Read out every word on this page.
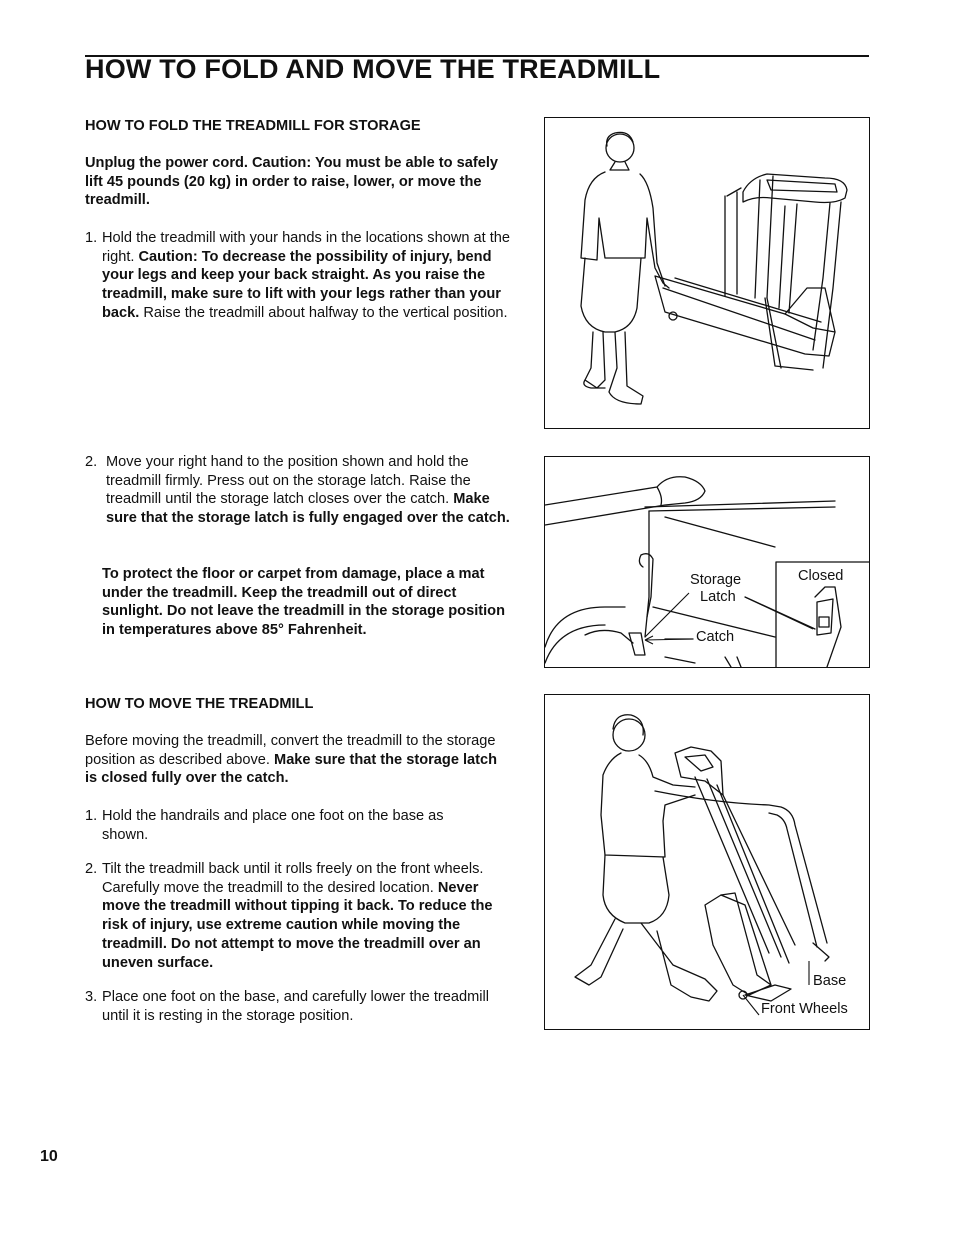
HOW TO FOLD AND MOVE THE TREADMILL

HOW TO FOLD THE TREADMILL FOR STORAGE

Unplug the power cord. Caution: You must be able to safely lift 45 pounds (20 kg) in order to raise, lower, or move the treadmill.

1. Hold the treadmill with your hands in the locations shown at the right. Caution: To decrease the possibility of injury, bend your legs and keep your back straight. As you raise the treadmill, make sure to lift with your legs rather than your back. Raise the treadmill about halfway to the vertical position.
2. Move your right hand to the position shown and hold the treadmill firmly. Press out on the storage latch. Raise the treadmill until the storage latch closes over the catch. Make sure that the storage latch is fully engaged over the catch.

To protect the floor or carpet from damage, place a mat under the treadmill. Keep the treadmill out of direct sunlight. Do not leave the treadmill in the storage position in temperatures above 85° Fahrenheit.

HOW TO MOVE THE TREADMILL

Before moving the treadmill, convert the treadmill to the storage position as described above. Make sure that the storage latch is closed fully over the catch.

1. Hold the handrails and place one foot on the base as shown.
2. Tilt the treadmill back until it rolls freely on the front wheels. Carefully move the treadmill to the desired location. Never move the treadmill without tipping it back. To reduce the risk of injury, use extreme caution while moving the treadmill. Do not attempt to move the treadmill over an uneven surface.
3. Place one foot on the base, and carefully lower the treadmill until it is resting in the storage position.
Storage
Latch
Catch
Closed
Base
Front Wheels
10
